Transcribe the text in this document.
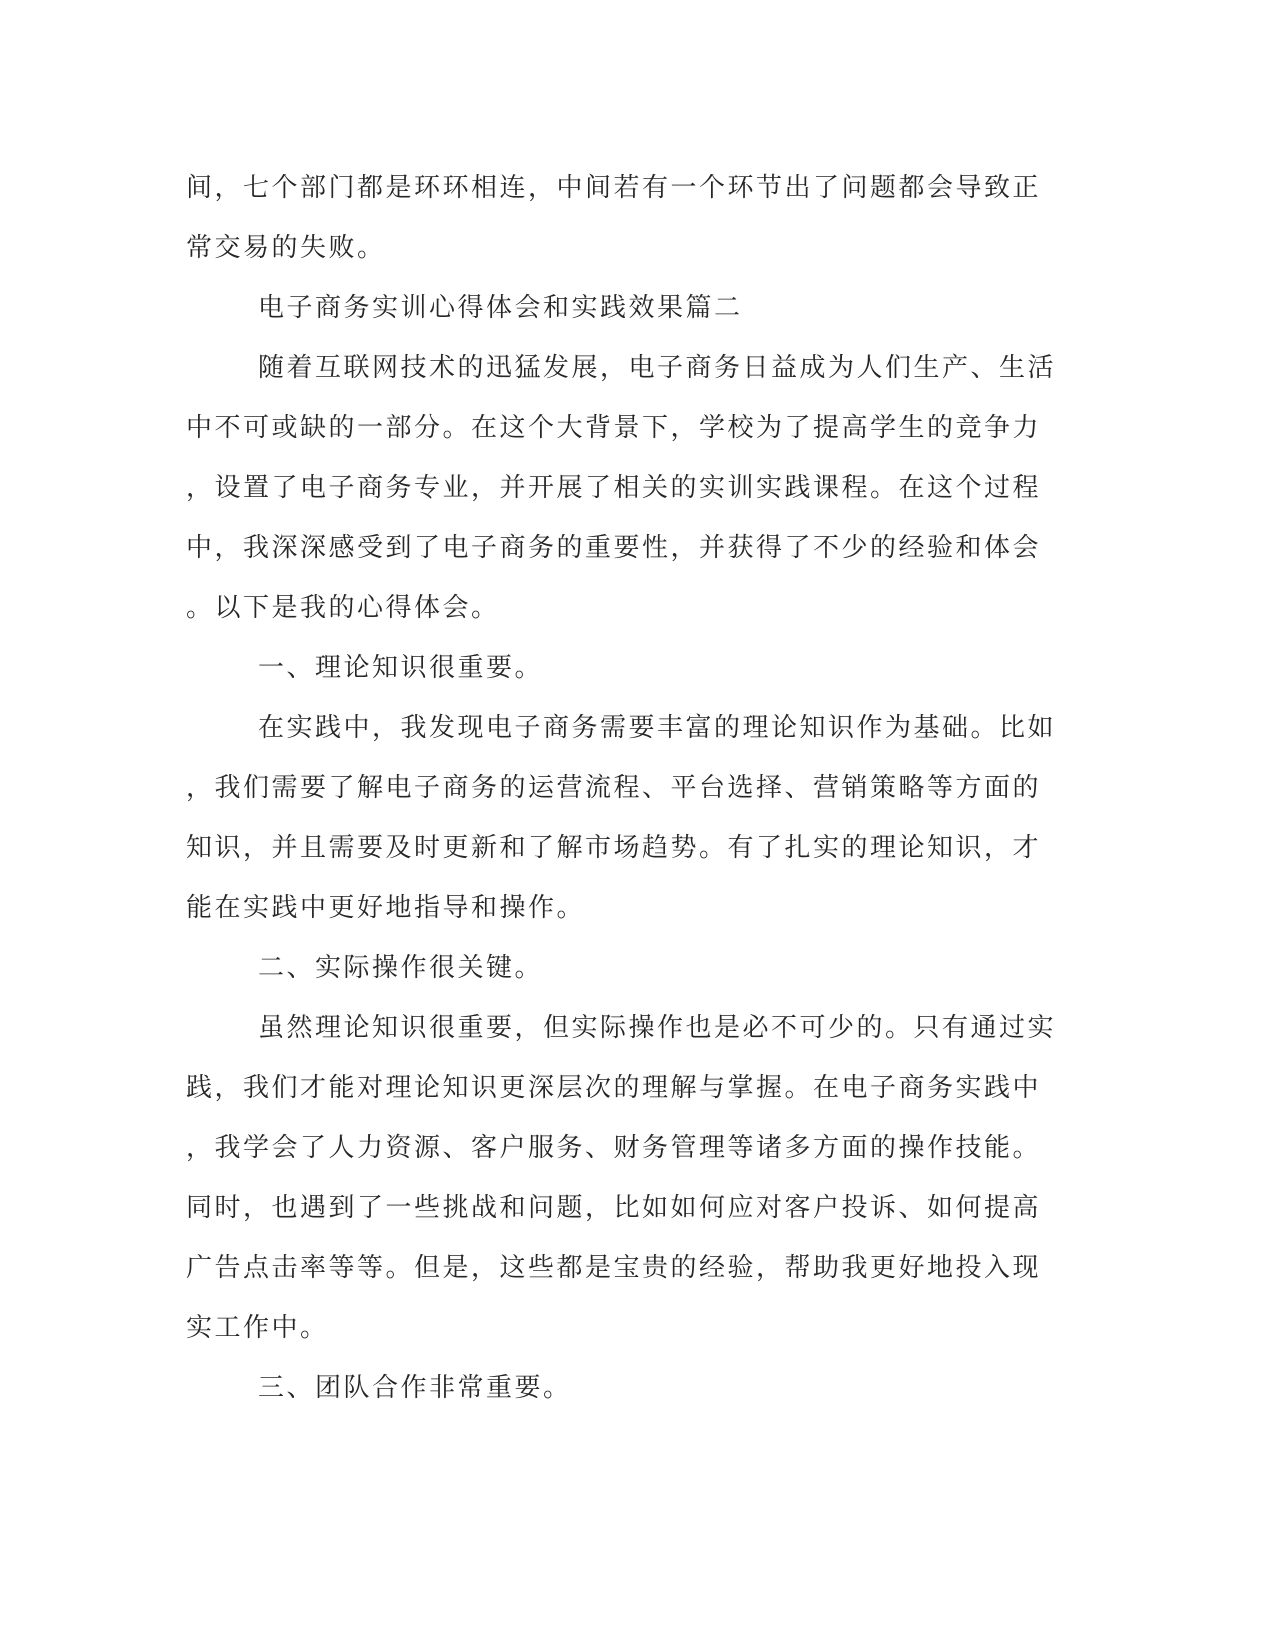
间，七个部门都是环环相连，中间若有一个环节出了问题都会导致正
常交易的失败。
电子商务实训心得体会和实践效果篇二
随着互联网技术的迅猛发展，电子商务日益成为人们生产、生活
中不可或缺的一部分。在这个大背景下，学校为了提高学生的竞争力
，设置了电子商务专业，并开展了相关的实训实践课程。在这个过程
中，我深深感受到了电子商务的重要性，并获得了不少的经验和体会
。以下是我的心得体会。
一、理论知识很重要。
在实践中，我发现电子商务需要丰富的理论知识作为基础。比如
，我们需要了解电子商务的运营流程、平台选择、营销策略等方面的
知识，并且需要及时更新和了解市场趋势。有了扎实的理论知识，才
能在实践中更好地指导和操作。
二、实际操作很关键。
虽然理论知识很重要，但实际操作也是必不可少的。只有通过实
践，我们才能对理论知识更深层次的理解与掌握。在电子商务实践中
，我学会了人力资源、客户服务、财务管理等诸多方面的操作技能。
同时，也遇到了一些挑战和问题，比如如何应对客户投诉、如何提高
广告点击率等等。但是，这些都是宝贵的经验，帮助我更好地投入现
实工作中。
三、团队合作非常重要。
